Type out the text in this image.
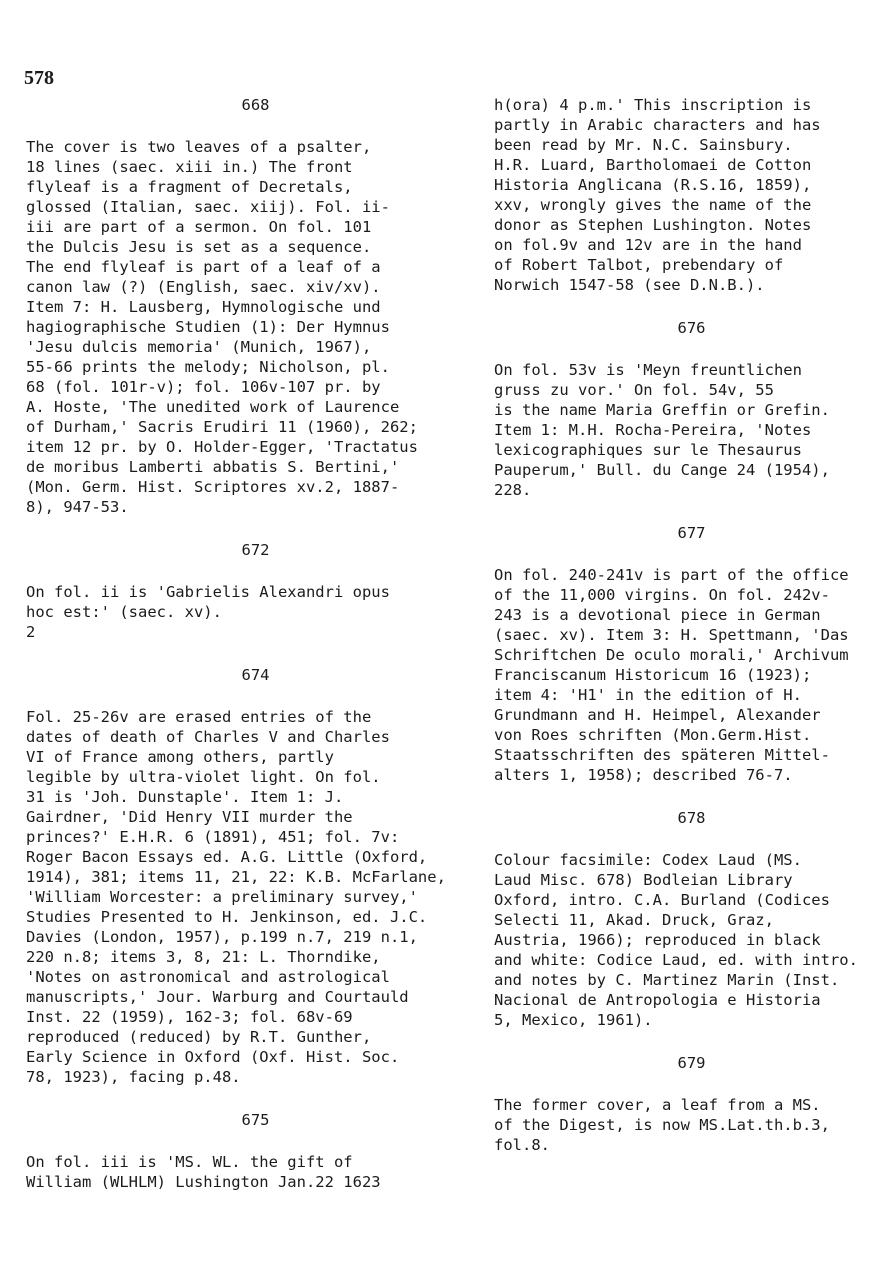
578
668
The cover is two leaves of a psalter,
18 lines (saec. xiii in.) The front
flyleaf is a fragment of Decretals,
glossed (Italian, saec. xiij). Fol. ii-
iii are part of a sermon. On fol. 101
the Dulcis Jesu is set as a sequence.
The end flyleaf is part of a leaf of a
canon law (?) (English, saec. xiv/xv).
Item 7: H. Lausberg, Hymnologische und
hagiographische Studien (1): Der Hymnus
'Jesu dulcis memoria' (Munich, 1967),
55-66 prints the melody; Nicholson, pl.
68 (fol. 101r-v); fol. 106v-107 pr. by
A. Hoste, 'The unedited work of Laurence
of Durham,' Sacris Erudiri 11 (1960), 262;
item 12 pr. by O. Holder-Egger, 'Tractatus
de moribus Lamberti abbatis S. Bertini,'
(Mon. Germ. Hist. Scriptores xv.2, 1887-
8), 947-53.
672
On fol. ii is 'Gabrielis Alexandri opus
hoc est:' (saec. xv).
2
674
Fol. 25-26v are erased entries of the
dates of death of Charles V and Charles
VI of France among others, partly
legible by ultra-violet light. On fol.
31 is 'Joh. Dunstaple'. Item 1: J.
Gairdner, 'Did Henry VII murder the
princes?' E.H.R. 6 (1891), 451; fol. 7v:
Roger Bacon Essays ed. A.G. Little (Oxford,
1914), 381; items 11, 21, 22: K.B. McFarlane,
'William Worcester: a preliminary survey,'
Studies Presented to H. Jenkinson, ed. J.C.
Davies (London, 1957), p.199 n.7, 219 n.1,
220 n.8; items 3, 8, 21: L. Thorndike,
'Notes on astronomical and astrological
manuscripts,' Jour. Warburg and Courtauld
Inst. 22 (1959), 162-3; fol. 68v-69
reproduced (reduced) by R.T. Gunther,
Early Science in Oxford (Oxf. Hist. Soc.
78, 1923), facing p.48.
675
On fol. iii is 'MS. WL. the gift of
William (WLHLM) Lushington Jan.22 1623
h(ora) 4 p.m.' This inscription is
partly in Arabic characters and has
been read by Mr. N.C. Sainsbury.
H.R. Luard, Bartholomaei de Cotton
Historia Anglicana (R.S.16, 1859),
xxv, wrongly gives the name of the
donor as Stephen Lushington. Notes
on fol.9v and 12v are in the hand
of Robert Talbot, prebendary of
Norwich 1547-58 (see D.N.B.).
676
On fol. 53v is 'Meyn freuntlichen
gruss zu vor.' On fol. 54v, 55
is the name Maria Greffin or Grefin.
Item 1: M.H. Rocha-Pereira, 'Notes
lexicographiques sur le Thesaurus
Pauperum,' Bull. du Cange 24 (1954),
228.
677
On fol. 240-241v is part of the office
of the 11,000 virgins. On fol. 242v-
243 is a devotional piece in German
(saec. xv). Item 3: H. Spettmann, 'Das
Schriftchen De oculo morali,' Archivum
Franciscanum Historicum 16 (1923);
item 4: 'H1' in the edition of H.
Grundmann and H. Heimpel, Alexander
von Roes schriften (Mon.Germ.Hist.
Staatsschriften des späteren Mittel-
alters 1, 1958); described 76-7.
678
Colour facsimile: Codex Laud (MS.
Laud Misc. 678) Bodleian Library
Oxford, intro. C.A. Burland (Codices
Selecti 11, Akad. Druck, Graz,
Austria, 1966); reproduced in black
and white: Codice Laud, ed. with intro.
and notes by C. Martinez Marin (Inst.
Nacional de Antropologia e Historia
5, Mexico, 1961).
679
The former cover, a leaf from a MS.
of the Digest, is now MS.Lat.th.b.3,
fol.8.
